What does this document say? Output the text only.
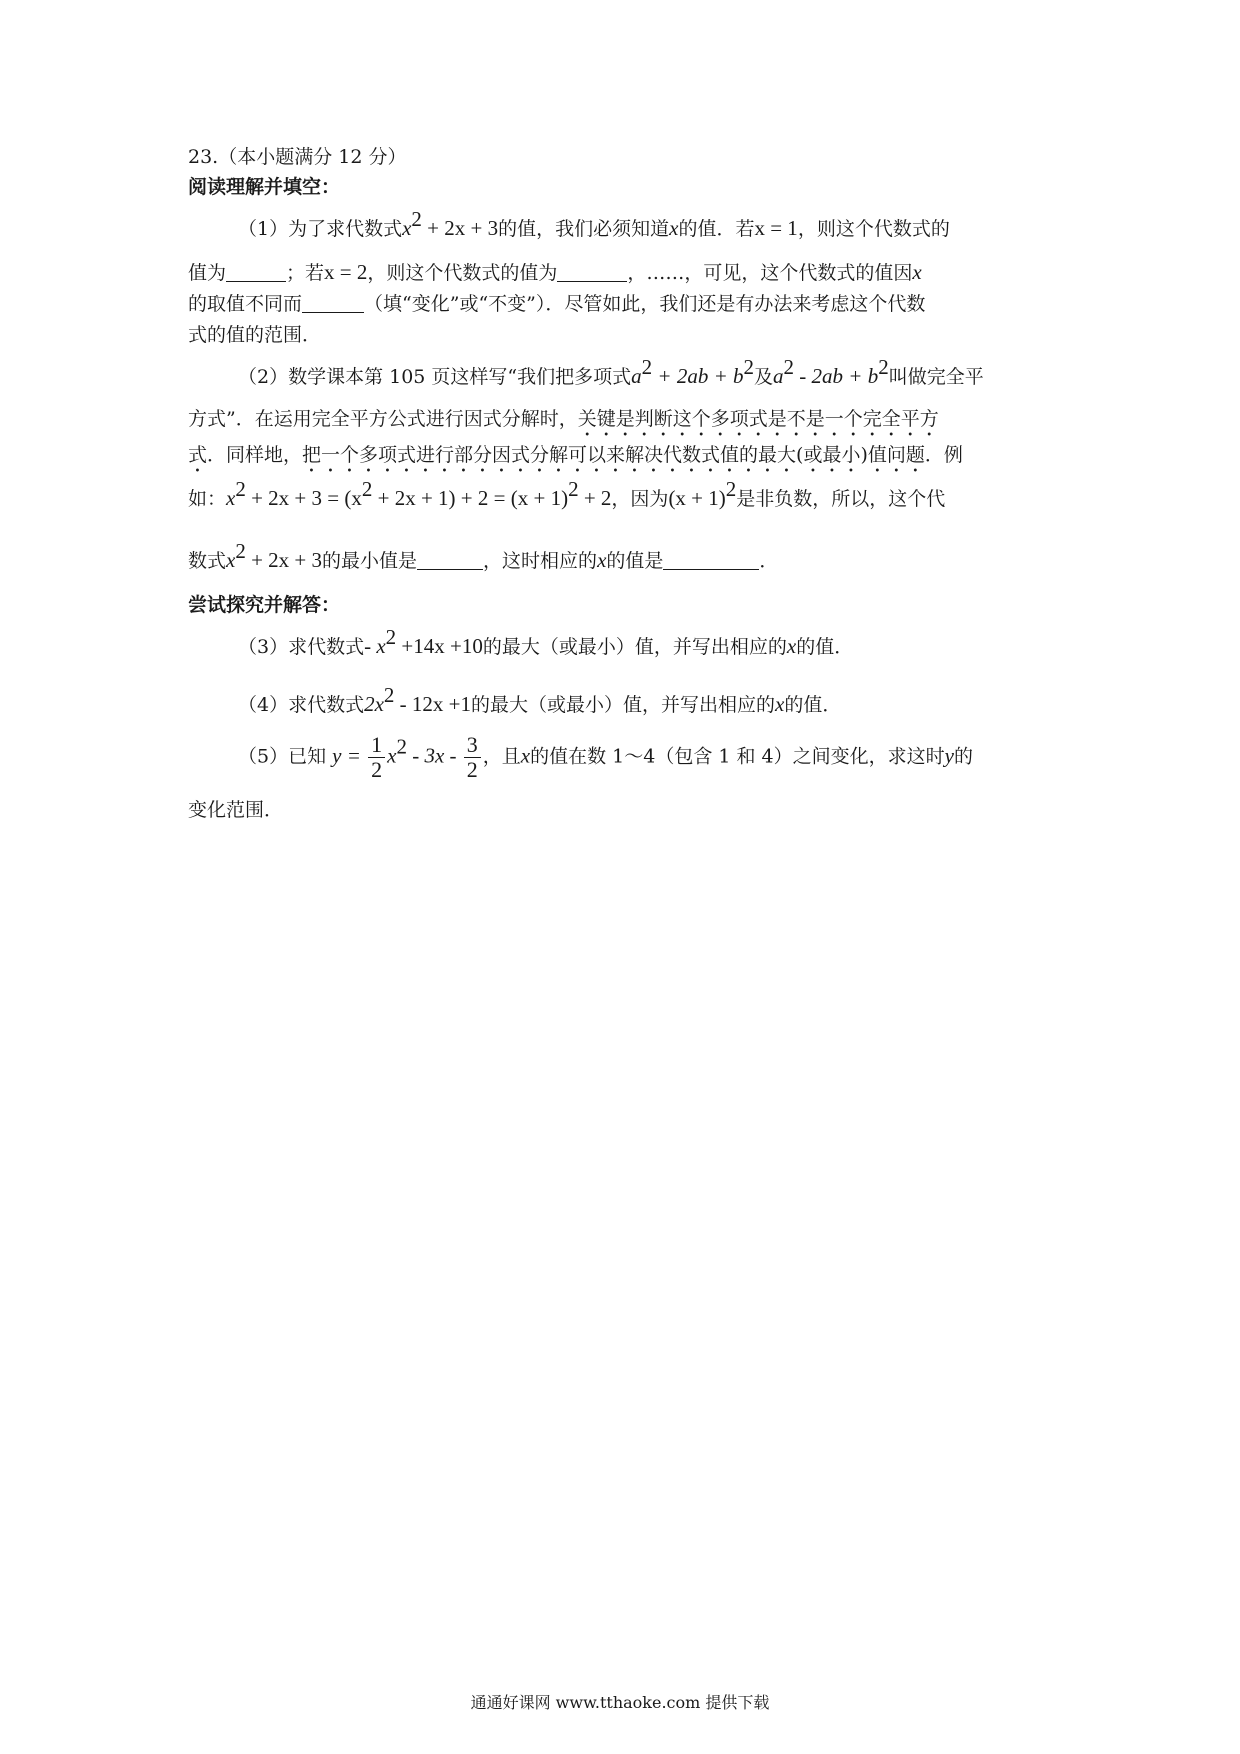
23.（本小题满分 12 分）
阅读理解并填空：
（1）为了求代数式$x^2 + 2x + 3$的值，我们必须知道x的值．若x = 1，则这个代数式的
值为	；若x = 2，则这个代数式的值为	，……，可见，这个代数式的值因x
的取值不同而	（填“变化”或“不变”）．尽管如此，我们还是有办法来考虑这个代数
式的值的范围．
（2）数学课本第 105 页这样写“我们把多项式$a^2 + 2ab + b^2$及$a^2 - 2ab + b^2$叫做完全平
方式”．在运用完全平方公式进行因式分解时，关键是判断这个多项式是不是一个完全平方
式．同样地，把一个多项式进行部分因式分解可以来解决代数式值的最大(或最小)值问题．例
如：$x^2 + 2x + 3 = (x^2 + 2x + 1) + 2 = (x + 1)^2 + 2$，因为$(x + 1)^2$是非负数，所以，这个代
数式$x^2 + 2x + 3$的最小值是	，这时相应的x的值是	．
尝试探究并解答：
（3）求代数式- $x^2 +14x +10$的最大（或最小）值，并写出相应的x的值．
（4）求代数式$2x^2 - 12x +1$的最大（或最小）值，并写出相应的x的值．
（5）已知 $y = \frac{1}{2} x^2 - 3x - \frac{3}{2}$ ，且x的值在数 1～4（包含 1 和 4）之间变化，求这时y的
变化范围．
通通好课网 www.tthaoke.com 提供下载
